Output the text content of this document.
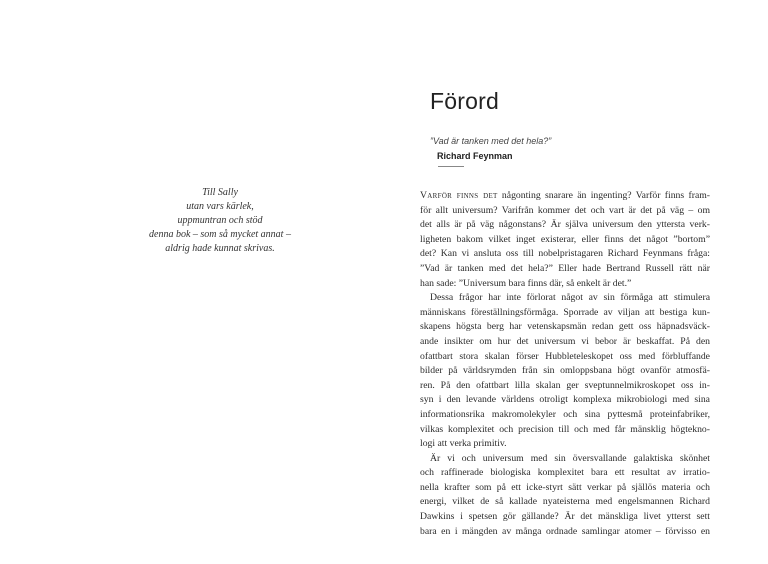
Till Sally
utan vars kärlek,
uppmuntran och stöd
denna bok – som så mycket annat –
aldrig hade kunnat skrivas.
Förord
”Vad är tanken med det hela?”
Richard Feynman
Varför finns det någonting snarare än ingenting? Varför finns fram-
för allt universum? Varifrån kommer det och vart är det på väg – om
det alls är på väg någonstans? Är själva universum den yttersta verk-
ligheten bakom vilket inget existerar, eller finns det något ”bortom”
det? Kan vi ansluta oss till nobelpristagaren Richard Feynmans fråga:
”Vad är tanken med det hela?” Eller hade Bertrand Russell rätt när
han sade: ”Universum bara finns där, så enkelt är det.”
Dessa frågor har inte förlorat något av sin förmåga att stimulera
människans föreställningsförmåga. Sporrade av viljan att bestiga kun-
skapens högsta berg har vetenskapsmän redan gett oss häpnadsväck-
ande insikter om hur det universum vi bebor är beskaffat. På den
ofattbart stora skalan förser Hubbleteleskopet oss med förbluffande
bilder på världsrymden från sin omloppsbana högt ovanför atmosfä-
ren. På den ofattbart lilla skalan ger sveptunnelmikroskopet oss in-
syn i den levande världens otroligt komplexa mikrobiologi med sina
informationsrika makromolekyler och sina pyttesmå proteinfabriker,
vilkas komplexitet och precision till och med får mänsklig högtekno-
logi att verka primitiv.
Är vi och universum med sin översvallande galaktiska skönhet
och raffinerade biologiska komplexitet bara ett resultat av irratio-
nella krafter som på ett icke-styrt sätt verkar på själlös materia och
energi, vilket de så kallade nyateisterna med engelsmannen Richard
Dawkins i spetsen gör gällande? Är det mänskliga livet ytterst sett
bara en i mängden av många ordnade samlingar atomer – förvisso en
